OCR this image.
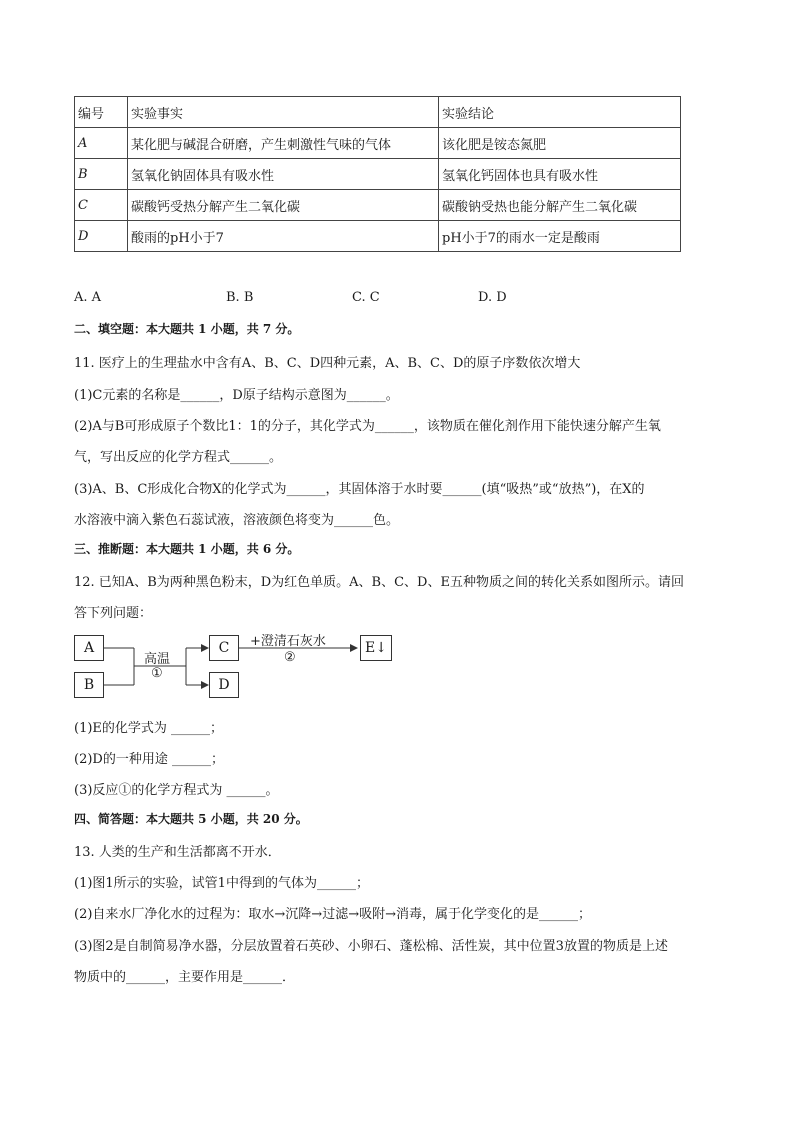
编号	实验事实	实验结论
A	某化肥与碱混合研磨，产生刺激性气味的气体	该化肥是铵态氮肥
B	氢氧化钠固体具有吸水性	氢氧化钙固体也具有吸水性
C	碳酸钙受热分解产生二氧化碳	碳酸钠受热也能分解产生二氧化碳
D	酸雨的pH小于7	pH小于7的雨水一定是酸雨
A. A	B. B	C. C	D. D
二、填空题：本大题共 1 小题，共 7 分。
11. 医疗上的生理盐水中含有A、B、C、D四种元素，A、B、C、D的原子序数依次增大
(1)C元素的名称是______，D原子结构示意图为______。
(2)A与B可形成原子个数比1：1的分子，其化学式为______，该物质在催化剂作用下能快速分解产生氧
气，写出反应的化学方程式______。
(3)A、B、C形成化合物X的化学式为______，其固体溶于水时要______(填“吸热”或“放热”)，在X的
水溶液中滴入紫色石蕊试液，溶液颜色将变为______色。
三、推断题：本大题共 1 小题，共 6 分。
12. 已知A、B为两种黑色粉末，D为红色单质。A、B、C、D、E五种物质之间的转化关系如图所示。请回
答下列问题：
A
B
C
D
E↓
高温
①
+澄清石灰水
②
(1)E的化学式为 ______；
(2)D的一种用途 ______；
(3)反应①的化学方程式为 ______。
四、简答题：本大题共 5 小题，共 20 分。
13. 人类的生产和生活都离不开水．
(1)图1所示的实验，试管1中得到的气体为______；
(2)自来水厂净化水的过程为：取水→沉降→过滤→吸附→消毒，属于化学变化的是______；
(3)图2是自制简易净水器，分层放置着石英砂、小卵石、蓬松棉、活性炭，其中位置3放置的物质是上述
物质中的______，主要作用是______．
